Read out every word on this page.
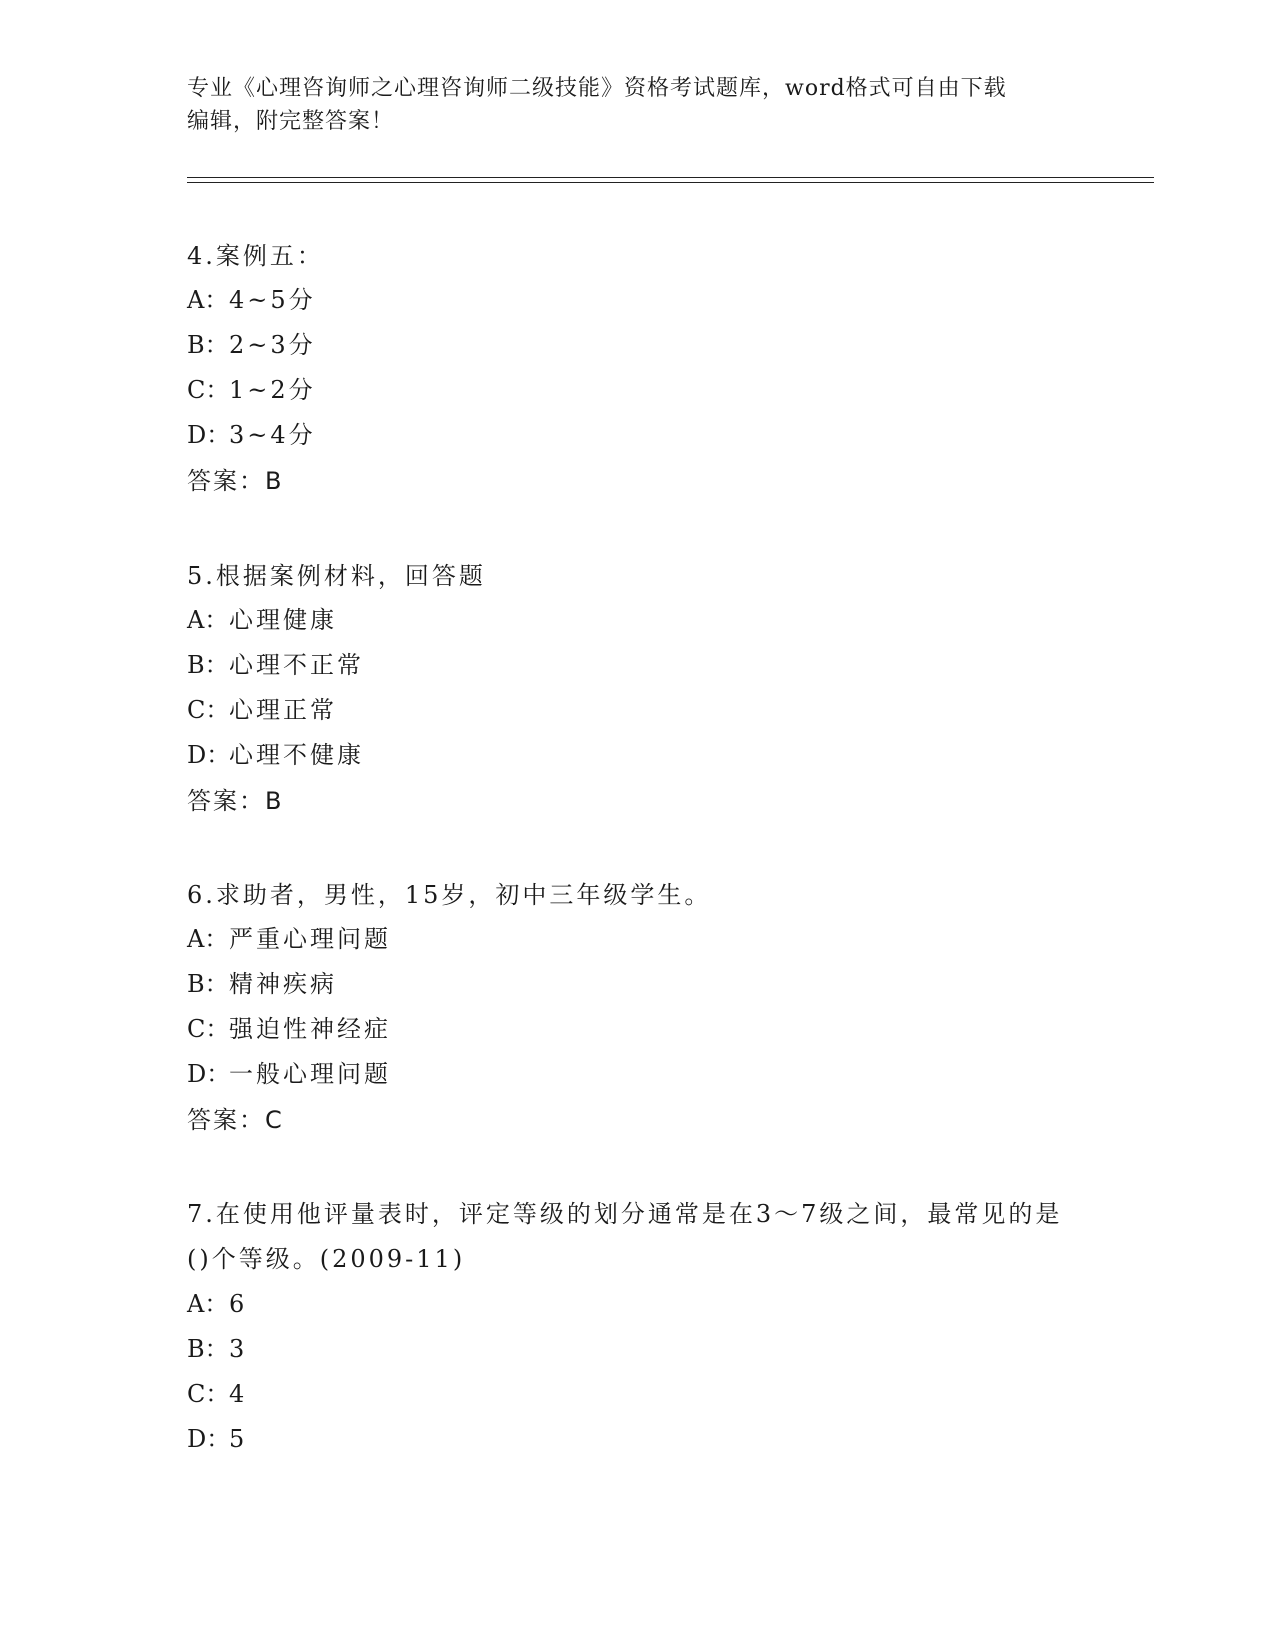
专业《心理咨询师之心理咨询师二级技能》资格考试题库，word格式可自由下载
编辑，附完整答案！
4.案例五：
A：4~5分
B：2~3分
C：1~2分
D：3~4分
答案：B
5.根据案例材料，回答题
A：心理健康
B：心理不正常
C：心理正常
D：心理不健康
答案：B
6.求助者，男性，15岁，初中三年级学生。
A：严重心理问题
B：精神疾病
C：强迫性神经症
D：一般心理问题
答案：C
7.在使用他评量表时，评定等级的划分通常是在3～7级之间，最常见的是()个等级。(2009-11)
A：6
B：3
C：4
D：5
